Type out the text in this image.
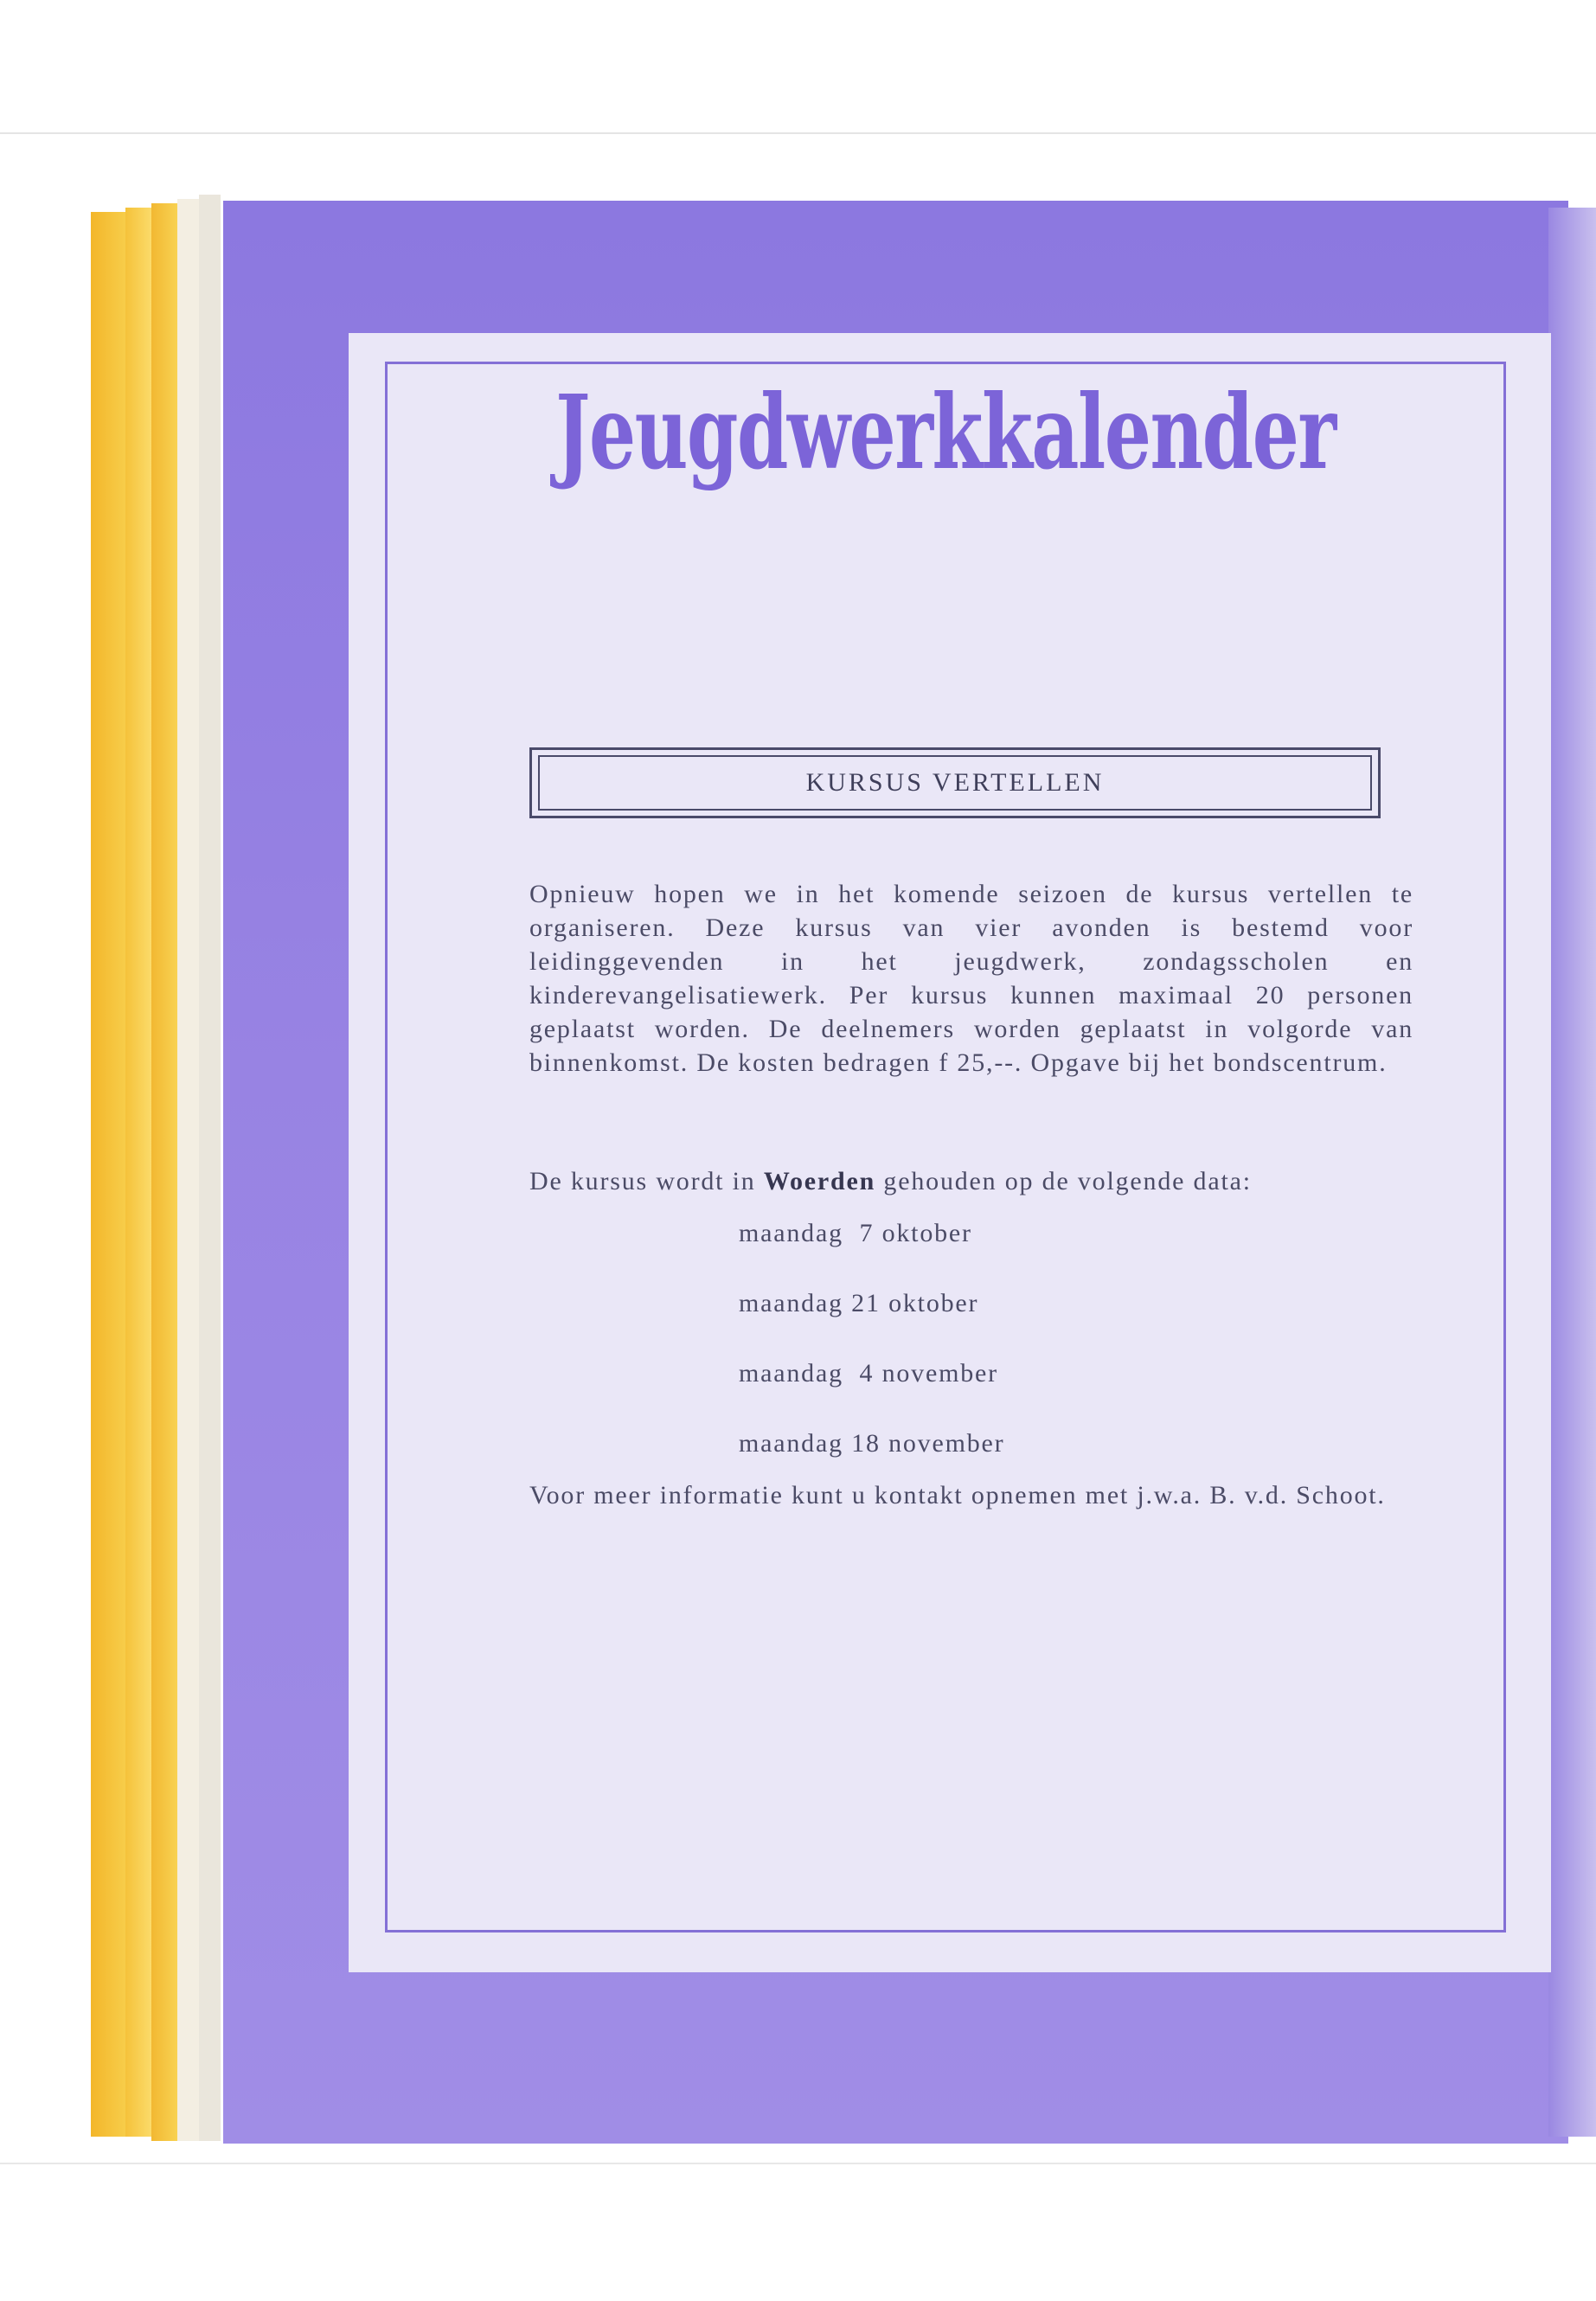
Jeugdwerkkalender
KURSUS VERTELLEN

Opnieuw hopen we in het komende seizoen de kursus vertellen te organiseren. Deze kursus van vier avonden is bestemd voor leidinggevenden in het jeugdwerk, zondagsscholen en kinderevangelisatiewerk. Per kursus kunnen maximaal 20 personen geplaatst worden. De deelnemers worden geplaatst in volgorde van binnenkomst. De kosten bedragen f 25,--. Opgave bij het bondscentrum.

De kursus wordt in Woerden gehouden op de volgende data:
maandag  7 oktober
maandag 21 oktober
maandag  4 november
maandag 18 november
Voor meer informatie kunt u kontakt opnemen met j.w.a. B. v.d. Schoot.
